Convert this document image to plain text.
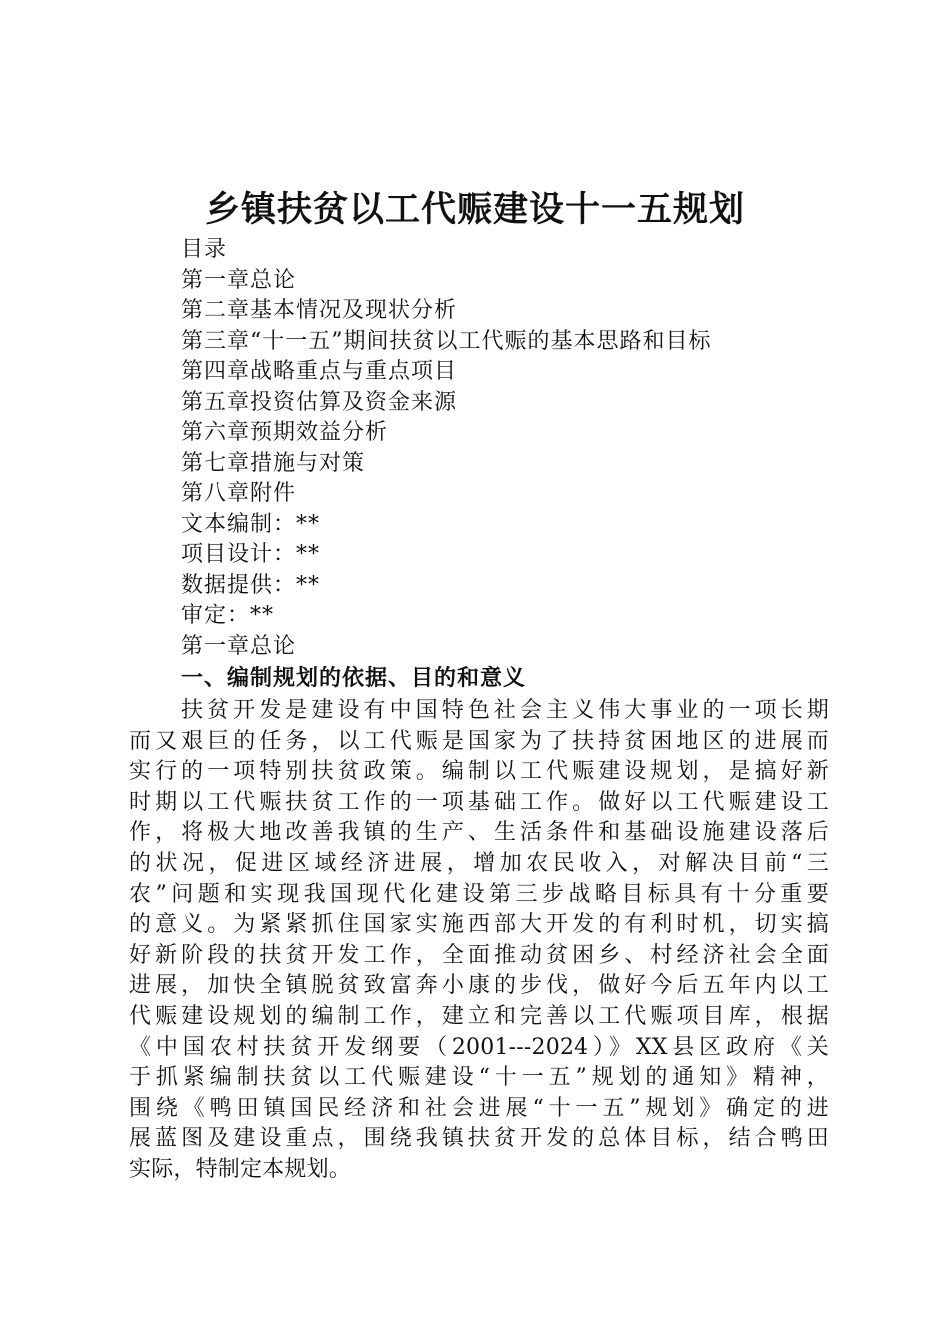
乡镇扶贫以工代赈建设十一五规划
目录
第一章总论
第二章基本情况及现状分析
第三章“十一五”期间扶贫以工代赈的基本思路和目标
第四章战略重点与重点项目
第五章投资估算及资金来源
第六章预期效益分析
第七章措施与对策
第八章附件
文本编制：**
项目设计：**
数据提供：**
审定：**
第一章总论
一、编制规划的依据、目的和意义
扶贫开发是建设有中国特色社会主义伟大事业的一项长期
而又艰巨的任务，以工代赈是国家为了扶持贫困地区的进展而
实行的一项特别扶贫政策。编制以工代赈建设规划，是搞好新
时期以工代赈扶贫工作的一项基础工作。做好以工代赈建设工
作，将极大地改善我镇的生产、生活条件和基础设施建设落后
的状况，促进区域经济进展，增加农民收入，对解决目前“三
农”问题和实现我国现代化建设第三步战略目标具有十分重要
的意义。为紧紧抓住国家实施西部大开发的有利时机，切实搞
好新阶段的扶贫开发工作，全面推动贫困乡、村经济社会全面
进展，加快全镇脱贫致富奔小康的步伐，做好今后五年内以工
代赈建设规划的编制工作，建立和完善以工代赈项目库，根据
《中国农村扶贫开发纲要（2001---2024）》XX县区政府《关
于抓紧编制扶贫以工代赈建设“十一五”规划的通知》精神，
围绕《鸭田镇国民经济和社会进展“十一五”规划》确定的进
展蓝图及建设重点，围绕我镇扶贫开发的总体目标，结合鸭田
实际，特制定本规划。
